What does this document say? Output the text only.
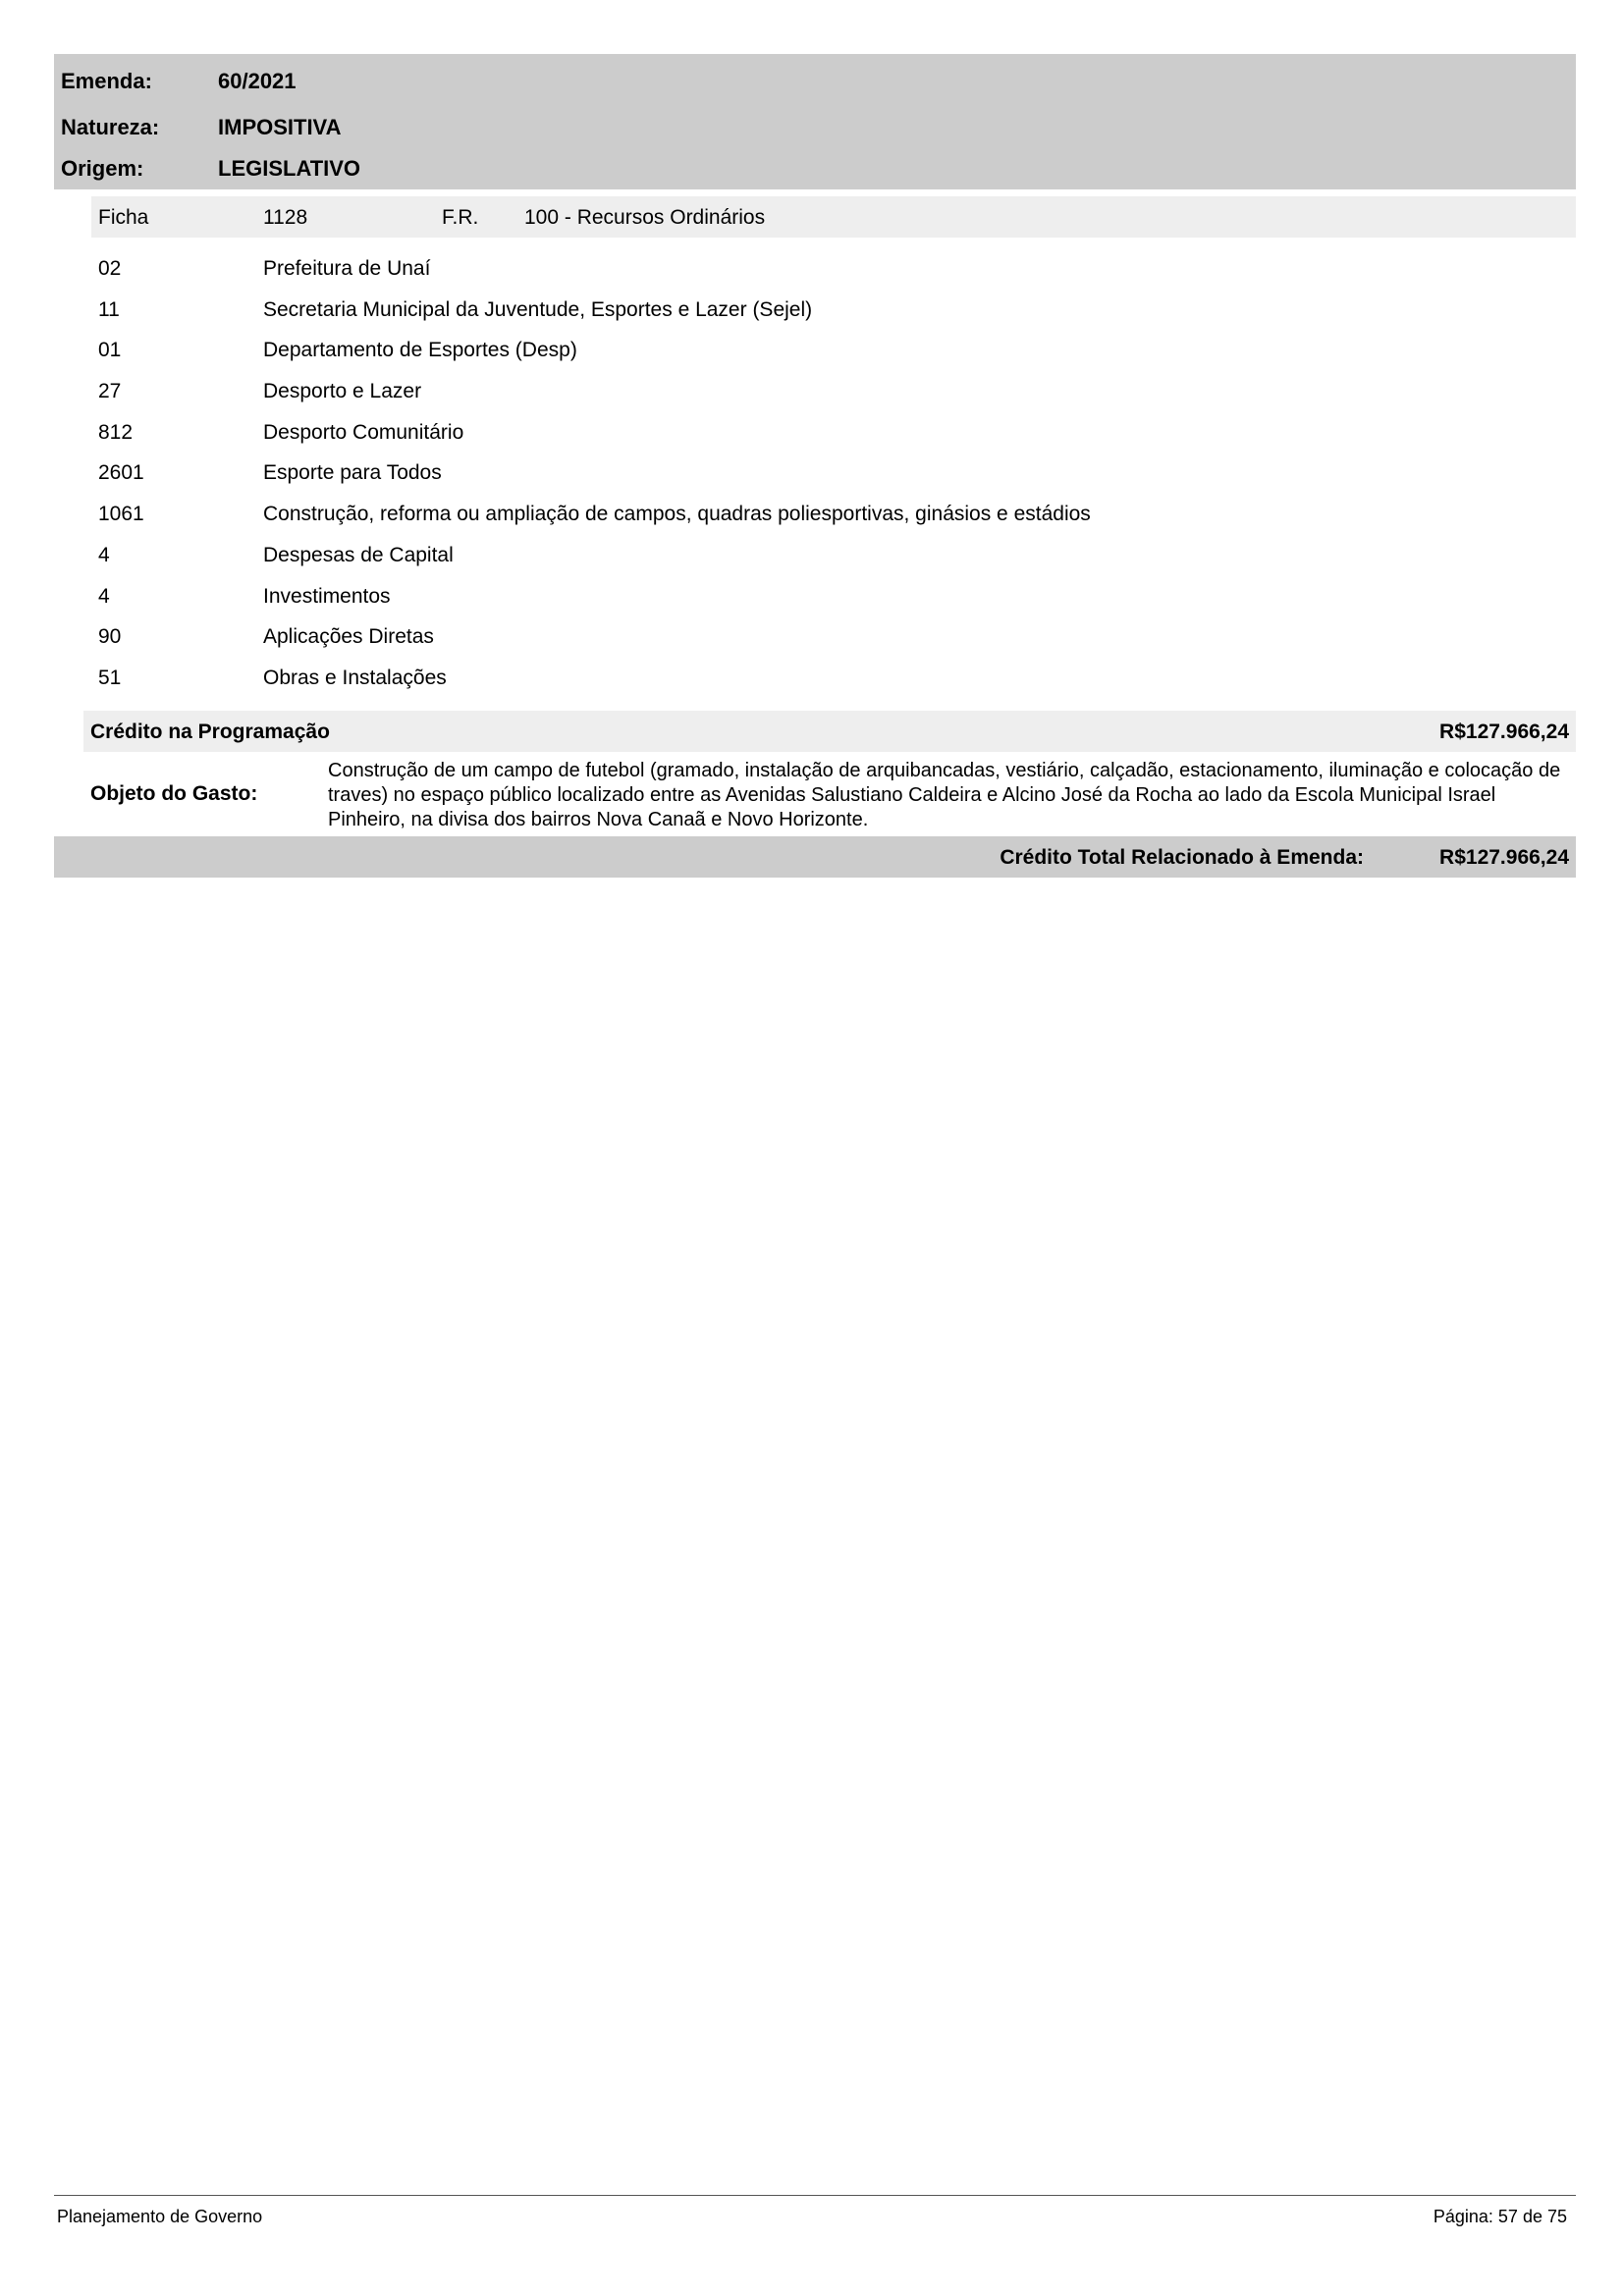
Emenda:	60/2021
Natureza:	IMPOSITIVA
Origem:	LEGISLATIVO
Ficha	1128	F.R. 100 - Recursos Ordinários
02	Prefeitura de Unaí
11	Secretaria Municipal da Juventude, Esportes e Lazer (Sejel)
01	Departamento de Esportes (Desp)
27	Desporto e Lazer
812	Desporto Comunitário
2601	Esporte para Todos
1061	Construção, reforma ou ampliação de campos, quadras poliesportivas, ginásios e estádios
4	Despesas de Capital
4	Investimentos
90	Aplicações Diretas
51	Obras e Instalações
Crédito na Programação	R$127.966,24
Objeto do Gasto:
Construção de um campo de futebol (gramado, instalação de arquibancadas, vestiário, calçadão, estacionamento, iluminação e colocação de traves) no espaço público localizado entre as Avenidas Salustiano Caldeira e Alcino José da Rocha ao lado da Escola Municipal Israel Pinheiro, na divisa dos bairros Nova Canaã e Novo Horizonte.
Crédito Total Relacionado à Emenda:	R$127.966,24
Planejamento de Governo	Página: 57 de 75
